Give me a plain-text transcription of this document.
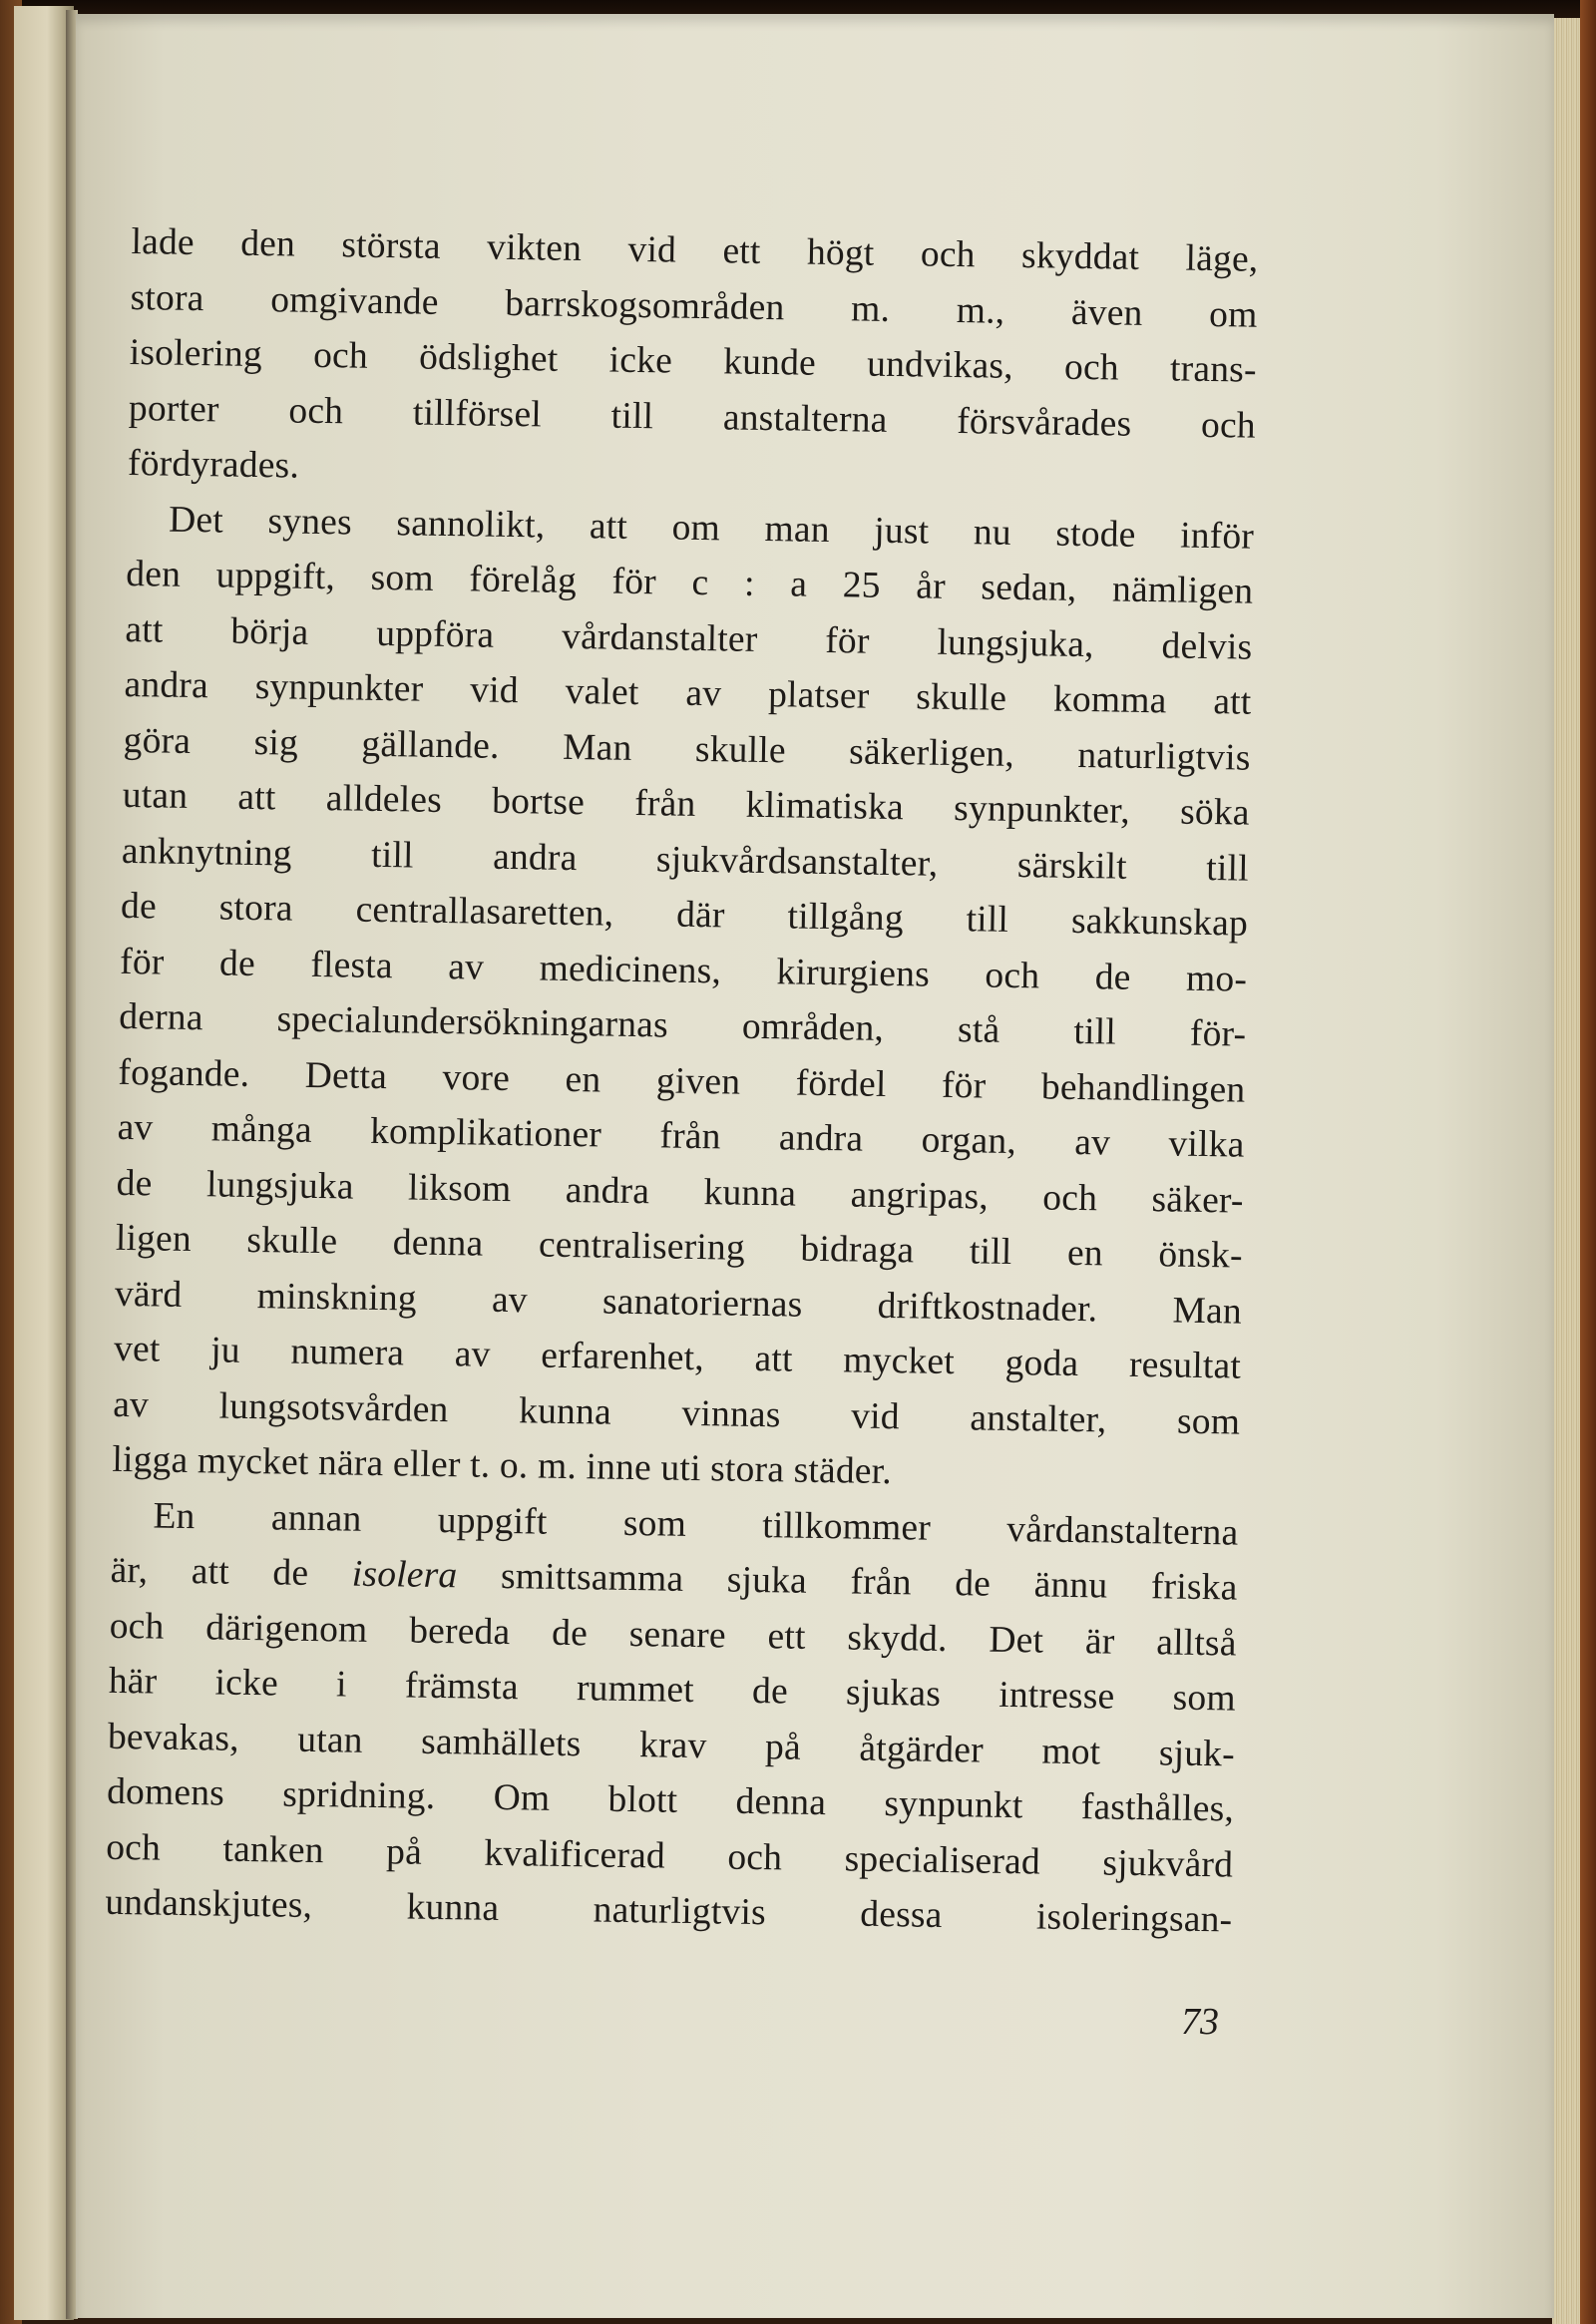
lade den största vikten vid ett högt och skyddat läge,
stora omgivande barrskogsområden m. m., även om
isolering och ödslighet icke kunde undvikas, och trans-
porter och tillförsel till anstalterna försvårades och
fördyrades.
Det synes sannolikt, att om man just nu stode inför
den uppgift, som förelåg för c : a 25 år sedan, nämligen
att börja uppföra vårdanstalter för lungsjuka, delvis
andra synpunkter vid valet av platser skulle komma att
göra sig gällande. Man skulle säkerligen, naturligtvis
utan att alldeles bortse från klimatiska synpunkter, söka
anknytning till andra sjukvårdsanstalter, särskilt till
de stora centrallasaretten, där tillgång till sakkunskap
för de flesta av medicinens, kirurgiens och de mo-
derna specialundersökningarnas områden, stå till för-
fogande. Detta vore en given fördel för behandlingen
av många komplikationer från andra organ, av vilka
de lungsjuka liksom andra kunna angripas, och säker-
ligen skulle denna centralisering bidraga till en önsk-
värd minskning av sanatoriernas driftkostnader. Man
vet ju numera av erfarenhet, att mycket goda resultat
av lungsotsvården kunna vinnas vid anstalter, som
ligga mycket nära eller t. o. m. inne uti stora städer.
En annan uppgift som tillkommer vårdanstalterna
är, att de isolera smittsamma sjuka från de ännu friska
och därigenom bereda de senare ett skydd. Det är alltså
här icke i främsta rummet de sjukas intresse som
bevakas, utan samhällets krav på åtgärder mot sjuk-
domens spridning. Om blott denna synpunkt fasthålles,
och tanken på kvalificerad och specialiserad sjukvård
undanskjutes, kunna naturligtvis dessa isoleringsan-
73
